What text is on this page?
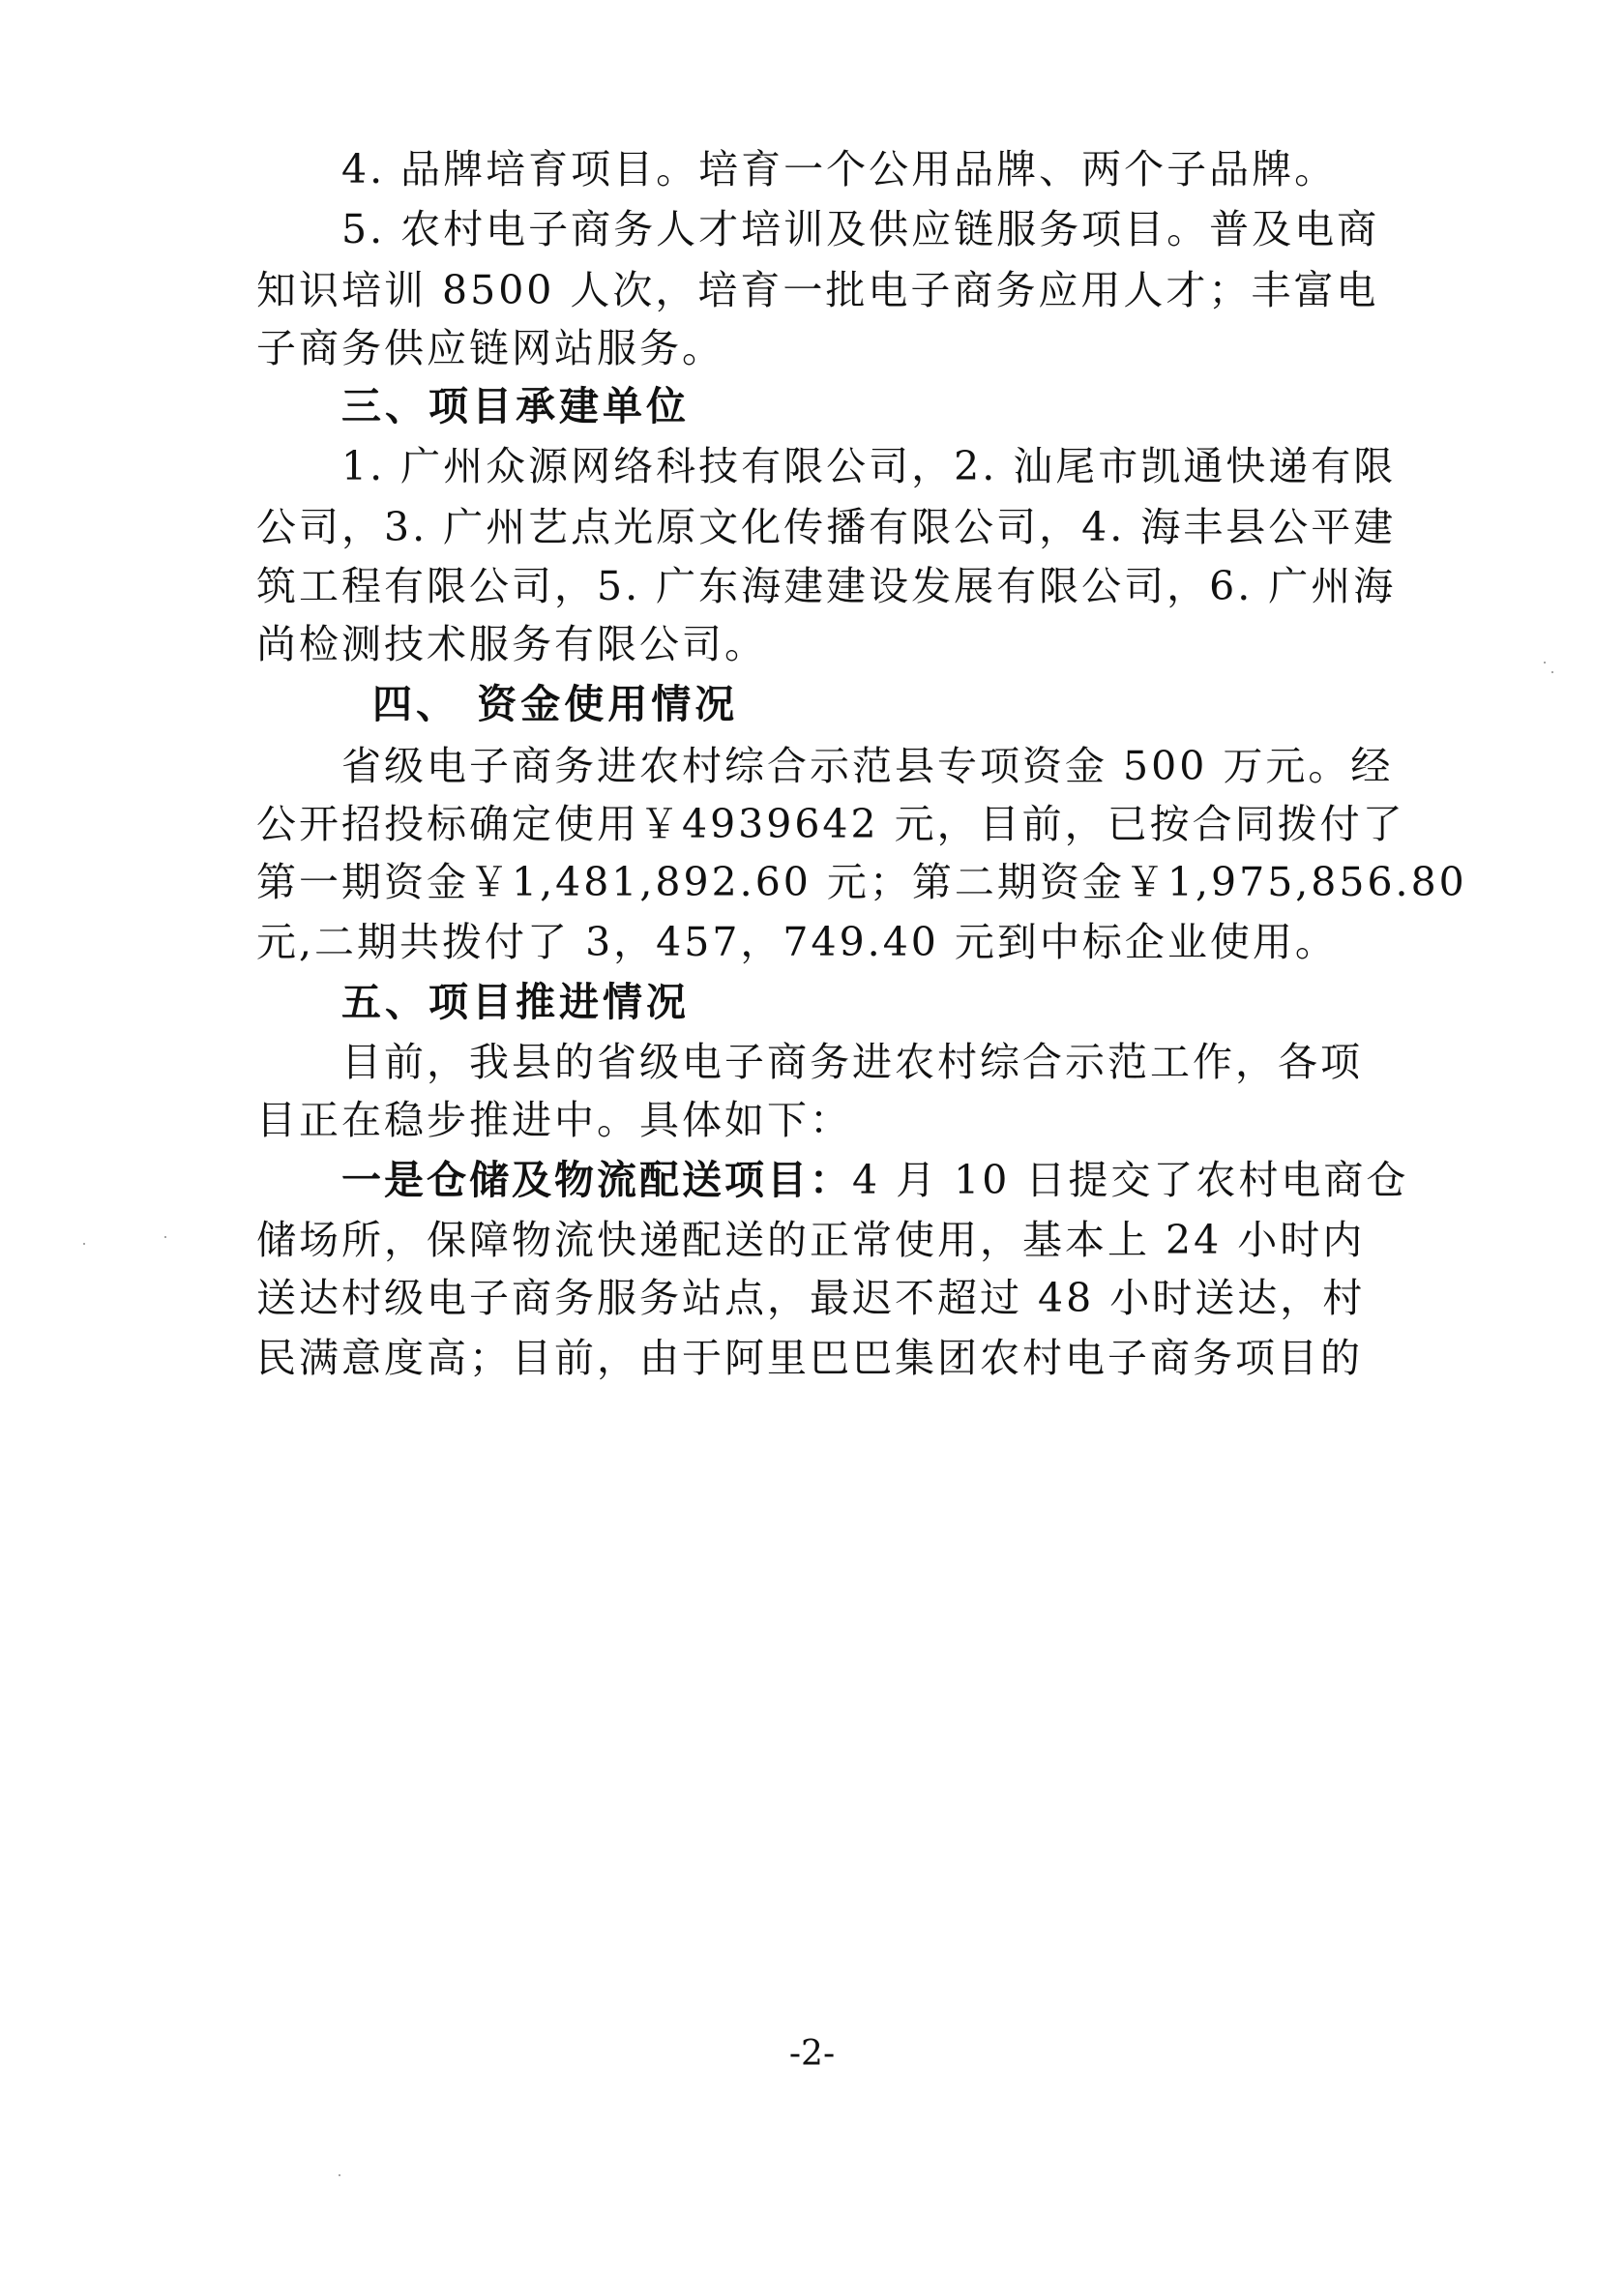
4. 品牌培育项目。培育一个公用品牌、两个子品牌。
5. 农村电子商务人才培训及供应链服务项目。普及电商
知识培训 8500 人次，培育一批电子商务应用人才；丰富电
子商务供应链网站服务。
三、项目承建单位
1. 广州众源网络科技有限公司，2. 汕尾市凯通快递有限
公司，3. 广州艺点光原文化传播有限公司，4. 海丰县公平建
筑工程有限公司，5. 广东海建建设发展有限公司，6. 广州海
尚检测技术服务有限公司。
四、 资金使用情况
省级电子商务进农村综合示范县专项资金 500 万元。经
公开招投标确定使用￥4939642 元，目前，已按合同拨付了
第一期资金￥1,481,892.60 元；第二期资金￥1,975,856.80
元,二期共拨付了 3，457，749.40 元到中标企业使用。
五、项目推进情况
目前，我县的省级电子商务进农村综合示范工作，各项
目正在稳步推进中。具体如下：
一是仓储及物流配送项目：4 月 10 日提交了农村电商仓
储场所，保障物流快递配送的正常使用，基本上 24 小时内
送达村级电子商务服务站点，最迟不超过 48 小时送达，村
民满意度高；目前，由于阿里巴巴集团农村电子商务项目的
-2-
